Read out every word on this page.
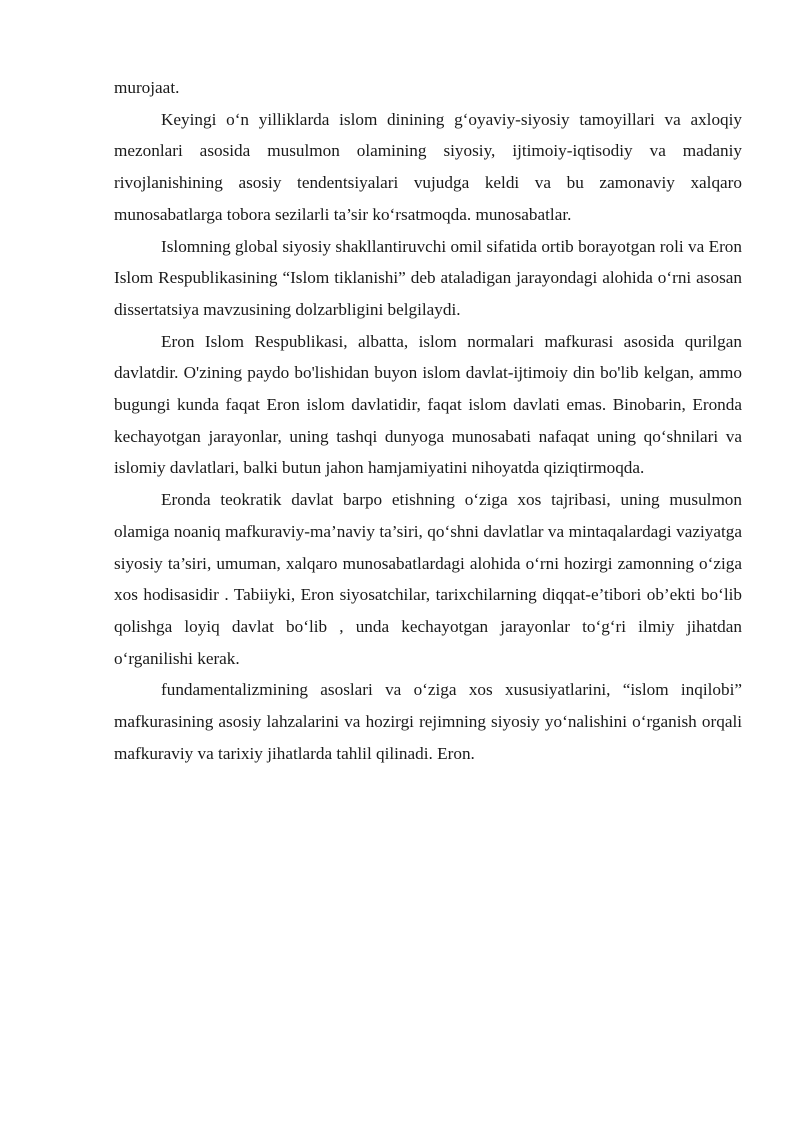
murojaat.

Keyingi o‘n yilliklarda islom dinining g‘oyaviy-siyosiy tamoyillari va axloqiy mezonlari asosida musulmon olamining siyosiy, ijtimoiy-iqtisodiy va madaniy rivojlanishining asosiy tendentsiyalari vujudga keldi va bu zamonaviy xalqaro munosabatlarga tobora sezilarli ta’sir ko‘rsatmoqda. munosabatlar.

Islomning global siyosiy shakllantiruvchi omil sifatida ortib borayotgan roli va Eron Islom Respublikasining “Islom tiklanishi” deb ataladigan jarayondagi alohida o‘rni asosan dissertatsiya mavzusining dolzarbligini belgilaydi.

Eron Islom Respublikasi, albatta, islom normalari mafkurasi asosida qurilgan davlatdir. O'zining paydo bo'lishidan buyon islom davlat-ijtimoiy din bo'lib kelgan, ammo bugungi kunda faqat Eron islom davlatidir, faqat islom davlati emas. Binobarin, Eronda kechayotgan jarayonlar, uning tashqi dunyoga munosabati nafaqat uning qo‘shnilari va islomiy davlatlari, balki butun jahon hamjamiyatini nihoyatda qiziqtirmoqda.

Eronda teokratik davlat barpo etishning o‘ziga xos tajribasi, uning musulmon olamiga noaniq mafkuraviy-ma’naviy ta’siri, qo‘shni davlatlar va mintaqalardagi vaziyatga siyosiy ta’siri, umuman, xalqaro munosabatlardagi alohida o‘rni hozirgi zamonning o‘ziga xos hodisasidir . Tabiiyki, Eron siyosatchilar, tarixchilarning diqqat-e’tibori ob’ekti bo‘lib qolishga loyiq davlat bo‘lib , unda kechayotgan jarayonlar to‘g‘ri ilmiy jihatdan o‘rganilishi kerak.

fundamentalizmining asoslari va o‘ziga xos xususiyatlarini, “islom inqilobi” mafkurasining asosiy lahzalarini va hozirgi rejimning siyosiy yo‘nalishini o‘rganish orqali mafkuraviy va tarixiy jihatlarda tahlil qilinadi. Eron.
